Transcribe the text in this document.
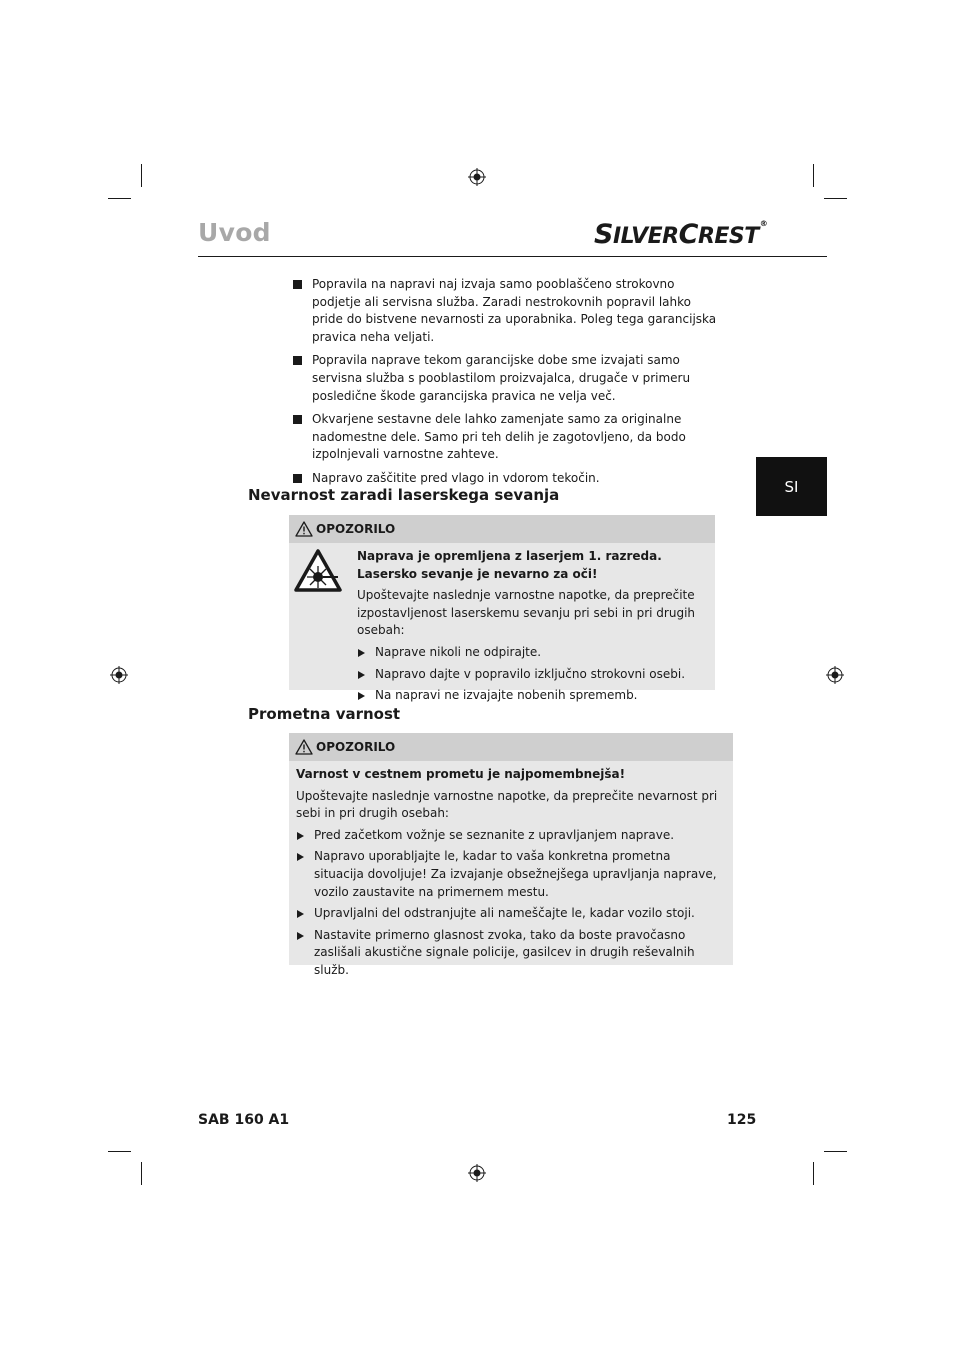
Uvod	SILVERCREST®
SI
Popravila na napravi naj izvaja samo pooblaščeno strokovno podjetje ali servisna služba. Zaradi nestrokovnih popravil lahko pride do bistvene nevarnosti za uporabnika. Poleg tega garancijska pravica neha veljati.
Popravila naprave tekom garancijske dobe sme izvajati samo servisna služba s pooblastilom proizvajalca, drugače v primeru posledične škode garancijska pravica ne velja več.
Okvarjene sestavne dele lahko zamenjate samo za originalne nadomestne dele. Samo pri teh delih je zagotovljeno, da bodo izpolnjevali varnostne zahteve.
Napravo zaščitite pred vlago in vdorom tekočin.
Nevarnost zaradi laserskega sevanja
OPOZORILO
Naprava je opremljena z laserjem 1. razreda.
Lasersko sevanje je nevarno za oči!
Upoštevajte naslednje varnostne napotke, da preprečite izpostavljenost laserskemu sevanju pri sebi in pri drugih osebah:
Naprave nikoli ne odpirajte.
Napravo dajte v popravilo izključno strokovni osebi.
Na napravi ne izvajajte nobenih sprememb.
Prometna varnost
OPOZORILO
Varnost v cestnem prometu je najpomembnejša!
Upoštevajte naslednje varnostne napotke, da preprečite nevarnost pri sebi in pri drugih osebah:
Pred začetkom vožnje se seznanite z upravljanjem naprave.
Napravo uporabljajte le, kadar to vaša konkretna prometna situacija dovoljuje! Za izvajanje obsežnejšega upravljanja naprave, vozilo zaustavite na primernem mestu.
Upravljalni del odstranjujte ali nameščajte le, kadar vozilo stoji.
Nastavite primerno glasnost zvoka, tako da boste pravočasno zaslišali akustične signale policije, gasilcev in drugih reševalnih služb.
SAB 160 A1	125
